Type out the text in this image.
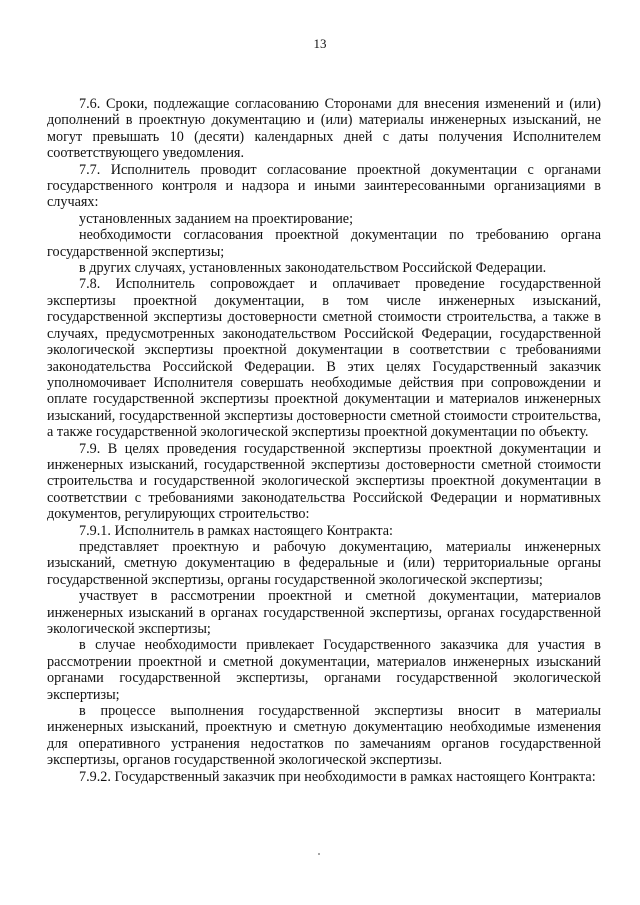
13

7.6. Сроки, подлежащие согласованию Сторонами для внесения изменений и (или) дополнений в проектную документацию и (или) материалы инженерных изысканий, не могут превышать 10 (десяти) календарных дней с даты получения Исполнителем соответствующего уведомления.

7.7. Исполнитель проводит согласование проектной документации с органами государственного контроля и надзора и иными заинтересованными организациями в случаях:

установленных заданием на проектирование;

необходимости согласования проектной документации по требованию органа государственной экспертизы;

в других случаях, установленных законодательством Российской Федерации.

7.8. Исполнитель сопровождает и оплачивает проведение государственной экспертизы проектной документации, в том числе инженерных изысканий, государственной экспертизы достоверности сметной стоимости строительства, а также в случаях, предусмотренных законодательством Российской Федерации, государственной экологической экспертизы проектной документации в соответствии с требованиями законодательства Российской Федерации. В этих целях Государственный заказчик уполномочивает Исполнителя совершать необходимые действия при сопровождении и оплате государственной экспертизы проектной документации и материалов инженерных изысканий, государственной экспертизы достоверности сметной стоимости строительства, а также государственной экологической экспертизы проектной документации по объекту.

7.9. В целях проведения государственной экспертизы проектной документации и инженерных изысканий, государственной экспертизы достоверности сметной стоимости строительства и государственной экологической экспертизы проектной документации в соответствии с требованиями законодательства Российской Федерации и нормативных документов, регулирующих строительство:

7.9.1. Исполнитель в рамках настоящего Контракта:

представляет проектную и рабочую документацию, материалы инженерных изысканий, сметную документацию в федеральные и (или) территориальные органы государственной экспертизы, органы государственной экологической экспертизы;

участвует в рассмотрении проектной и сметной документации, материалов инженерных изысканий в органах государственной экспертизы, органах государственной экологической экспертизы;

в случае необходимости привлекает Государственного заказчика для участия в рассмотрении проектной и сметной документации, материалов инженерных изысканий органами государственной экспертизы, органами государственной экологической экспертизы;

в процессе выполнения государственной экспертизы вносит в материалы инженерных изысканий, проектную и сметную документацию необходимые изменения для оперативного устранения недостатков по замечаниям органов государственной экспертизы, органов государственной экологической экспертизы.

7.9.2. Государственный заказчик при необходимости в рамках настоящего Контракта:
